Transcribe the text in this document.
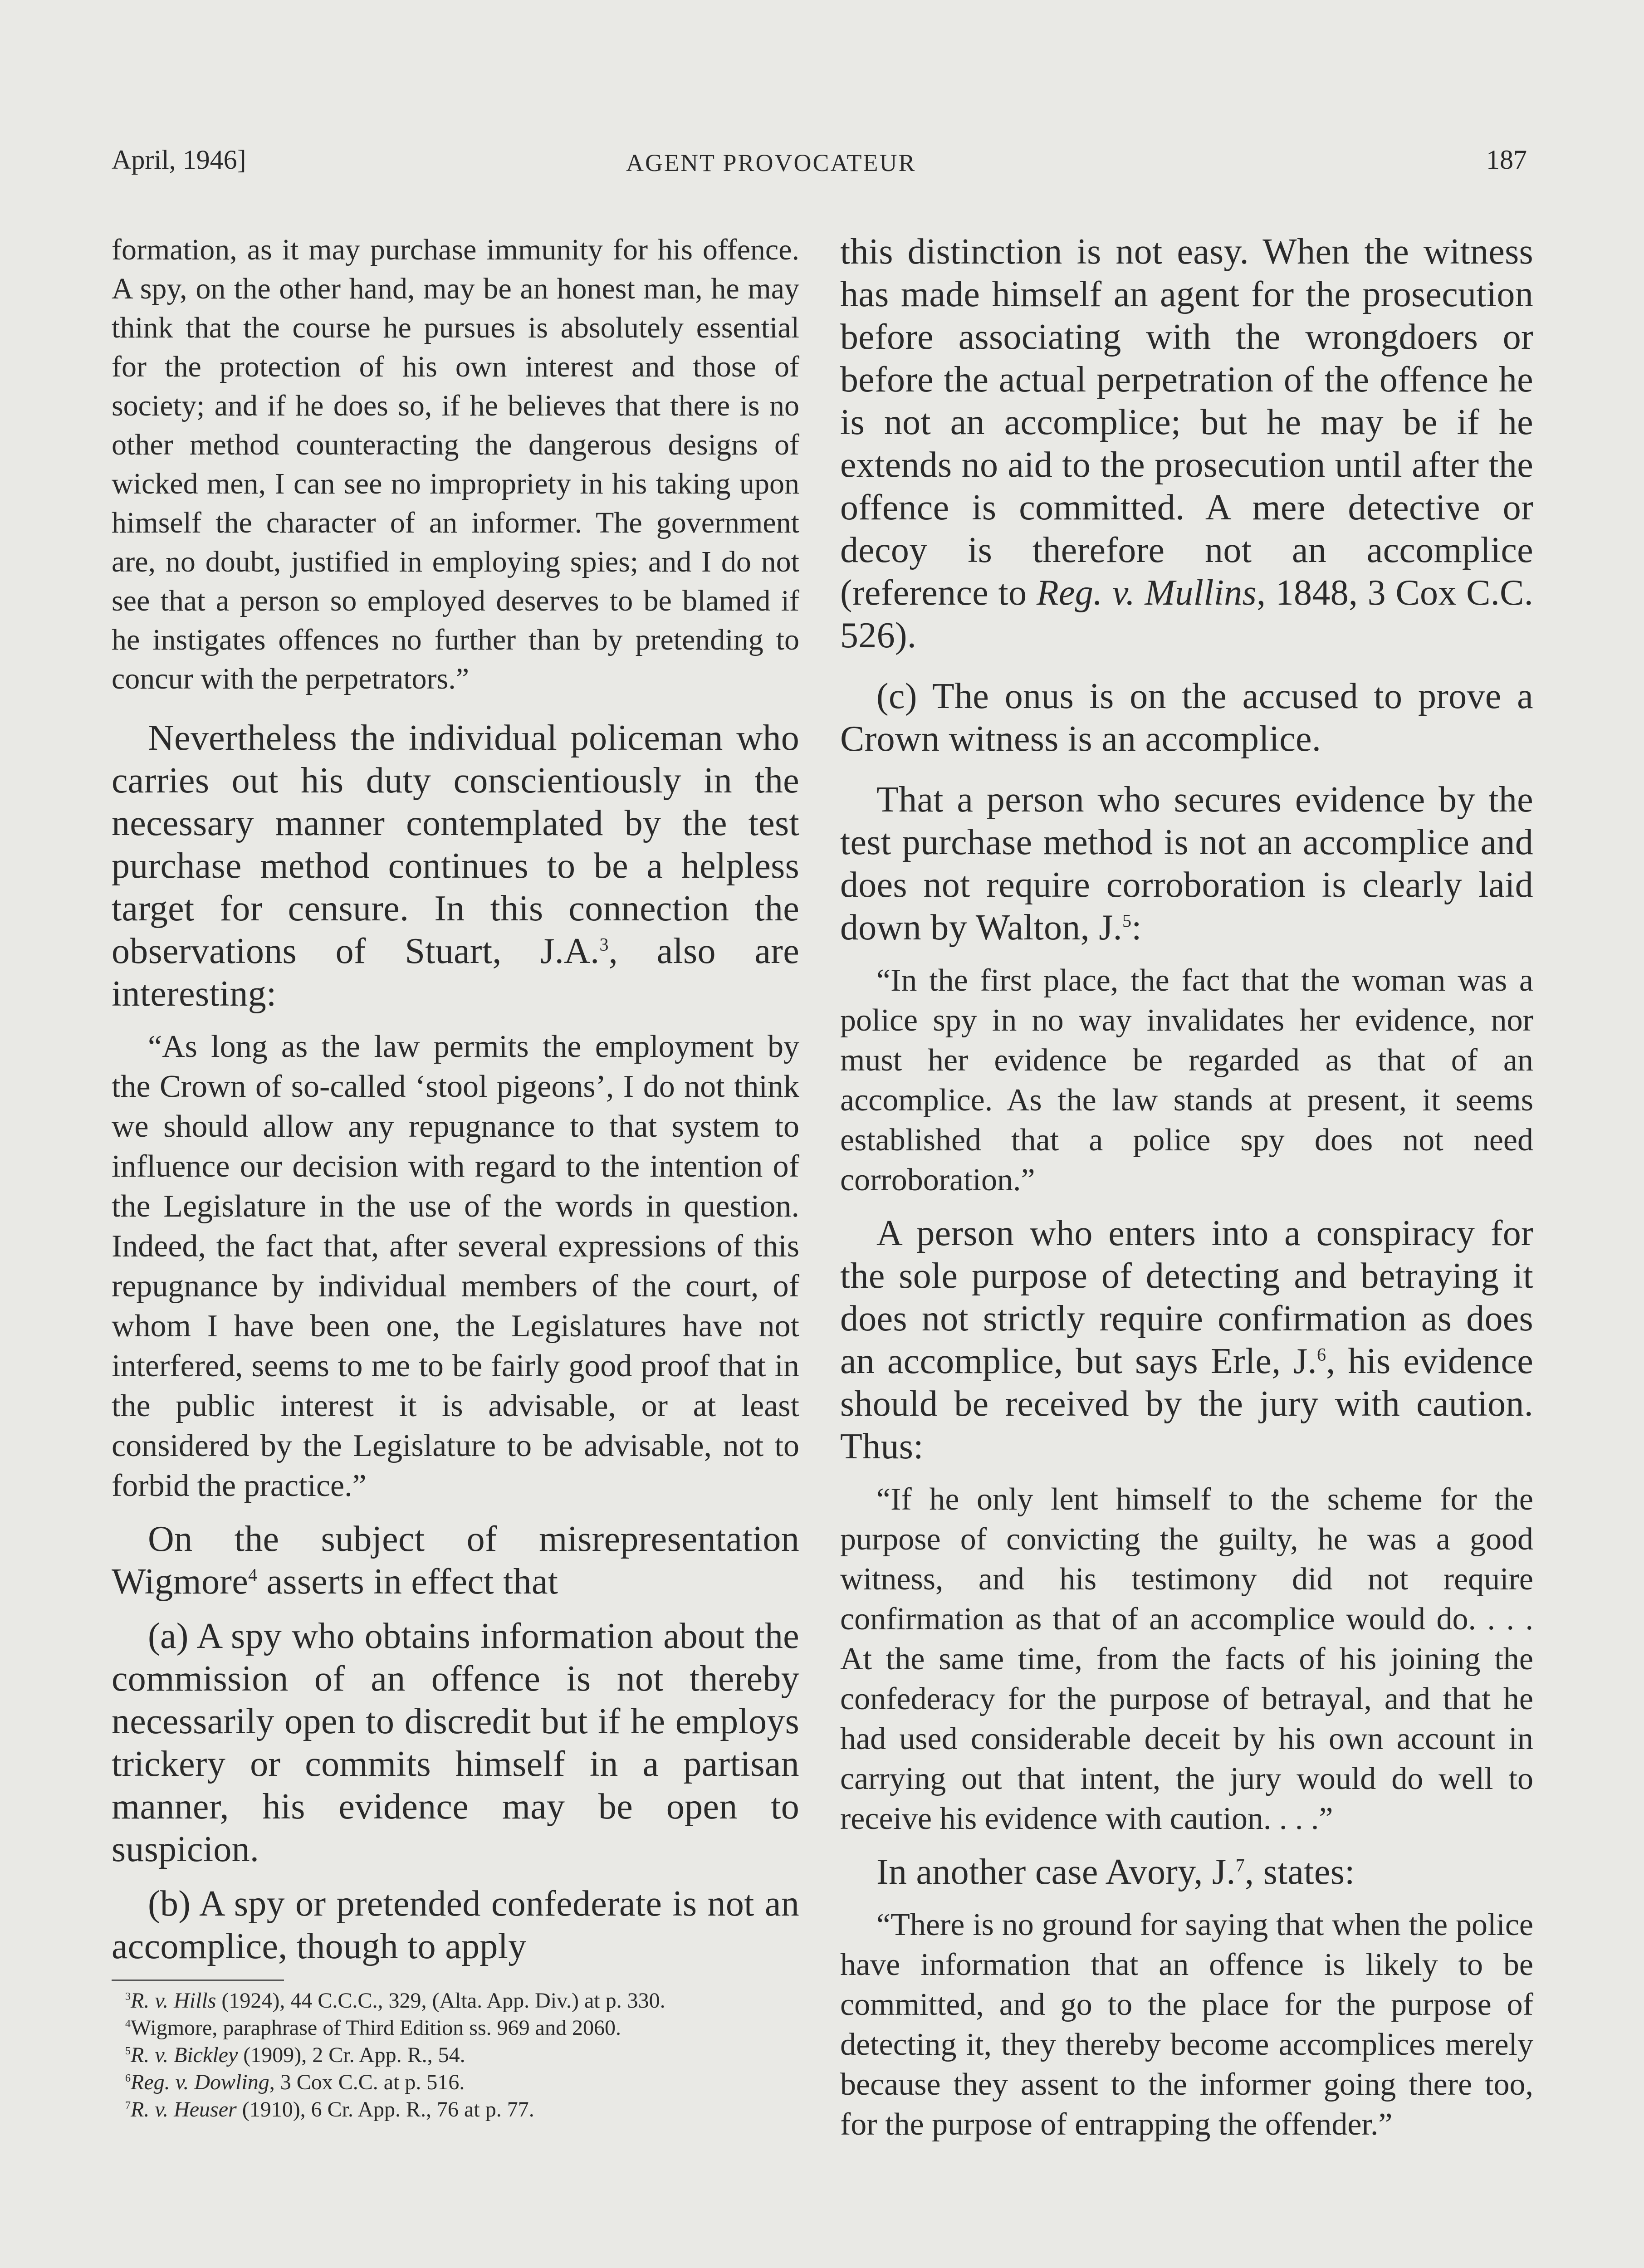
April, 1946]	AGENT PROVOCATEUR	187

formation, as it may purchase immunity for his offence. A spy, on the other hand, may be an honest man, he may think that the course he pursues is absolutely essential for the protection of his own interest and those of society; and if he does so, if he believes that there is no other method counteracting the dangerous designs of wicked men, I can see no impropriety in his taking upon himself the character of an informer. The government are, no doubt, justified in employing spies; and I do not see that a person so employed deserves to be blamed if he instigates offences no further than by pretending to concur with the perpetrators.”

Nevertheless the individual policeman who carries out his duty conscientiously in the necessary manner contemplated by the test purchase method continues to be a helpless target for censure. In this connection the observations of Stuart, J.A.$^3$, also are interesting:

“As long as the law permits the employment by the Crown of so-called ‘stool pigeons’, I do not think we should allow any repugnance to that system to influence our decision with regard to the intention of the Legislature in the use of the words in question. Indeed, the fact that, after several expressions of this repugnance by individual members of the court, of whom I have been one, the Legislatures have not interfered, seems to me to be fairly good proof that in the public interest it is advisable, or at least considered by the Legislature to be advisable, not to forbid the practice.”

On the subject of misrepresentation Wigmore$^4$ asserts in effect that

(a) A spy who obtains information about the commission of an offence is not thereby necessarily open to discredit but if he employs trickery or commits himself in a partisan manner, his evidence may be open to suspicion.

(b) A spy or pretended confederate is not an accomplice, though to apply

$^3$R. v. Hills (1924), 44 C.C.C., 329, (Alta. App. Div.) at p. 330.
$^4$Wigmore, paraphrase of Third Edition ss. 969 and 2060.
$^5$R. v. Bickley (1909), 2 Cr. App. R., 54.
$^6$Reg. v. Dowling, 3 Cox C.C. at p. 516.
$^7$R. v. Heuser (1910), 6 Cr. App. R., 76 at p. 77.

this distinction is not easy. When the witness has made himself an agent for the prosecution before associating with the wrongdoers or before the actual perpetration of the offence he is not an accomplice; but he may be if he extends no aid to the prosecution until after the offence is committed. A mere detective or decoy is therefore not an accomplice (reference to Reg. v. Mullins, 1848, 3 Cox C.C. 526).

(c) The onus is on the accused to prove a Crown witness is an accomplice.

That a person who secures evidence by the test purchase method is not an accomplice and does not require corroboration is clearly laid down by Walton, J.$^5$:

“In the first place, the fact that the woman was a police spy in no way invalidates her evidence, nor must her evidence be regarded as that of an accomplice. As the law stands at present, it seems established that a police spy does not need corroboration.”

A person who enters into a conspiracy for the sole purpose of detecting and betraying it does not strictly require confirmation as does an accomplice, but says Erle, J.$^6$, his evidence should be received by the jury with caution. Thus:

“If he only lent himself to the scheme for the purpose of convicting the guilty, he was a good witness, and his testimony did not require confirmation as that of an accomplice would do. . . . At the same time, from the facts of his joining the confederacy for the purpose of betrayal, and that he had used considerable deceit by his own account in carrying out that intent, the jury would do well to receive his evidence with caution. . . .”

In another case Avory, J.$^7$, states:

“There is no ground for saying that when the police have information that an offence is likely to be committed, and go to the place for the purpose of detecting it, they thereby become accomplices merely because they assent to the informer going there too, for the purpose of entrapping the offender.”
